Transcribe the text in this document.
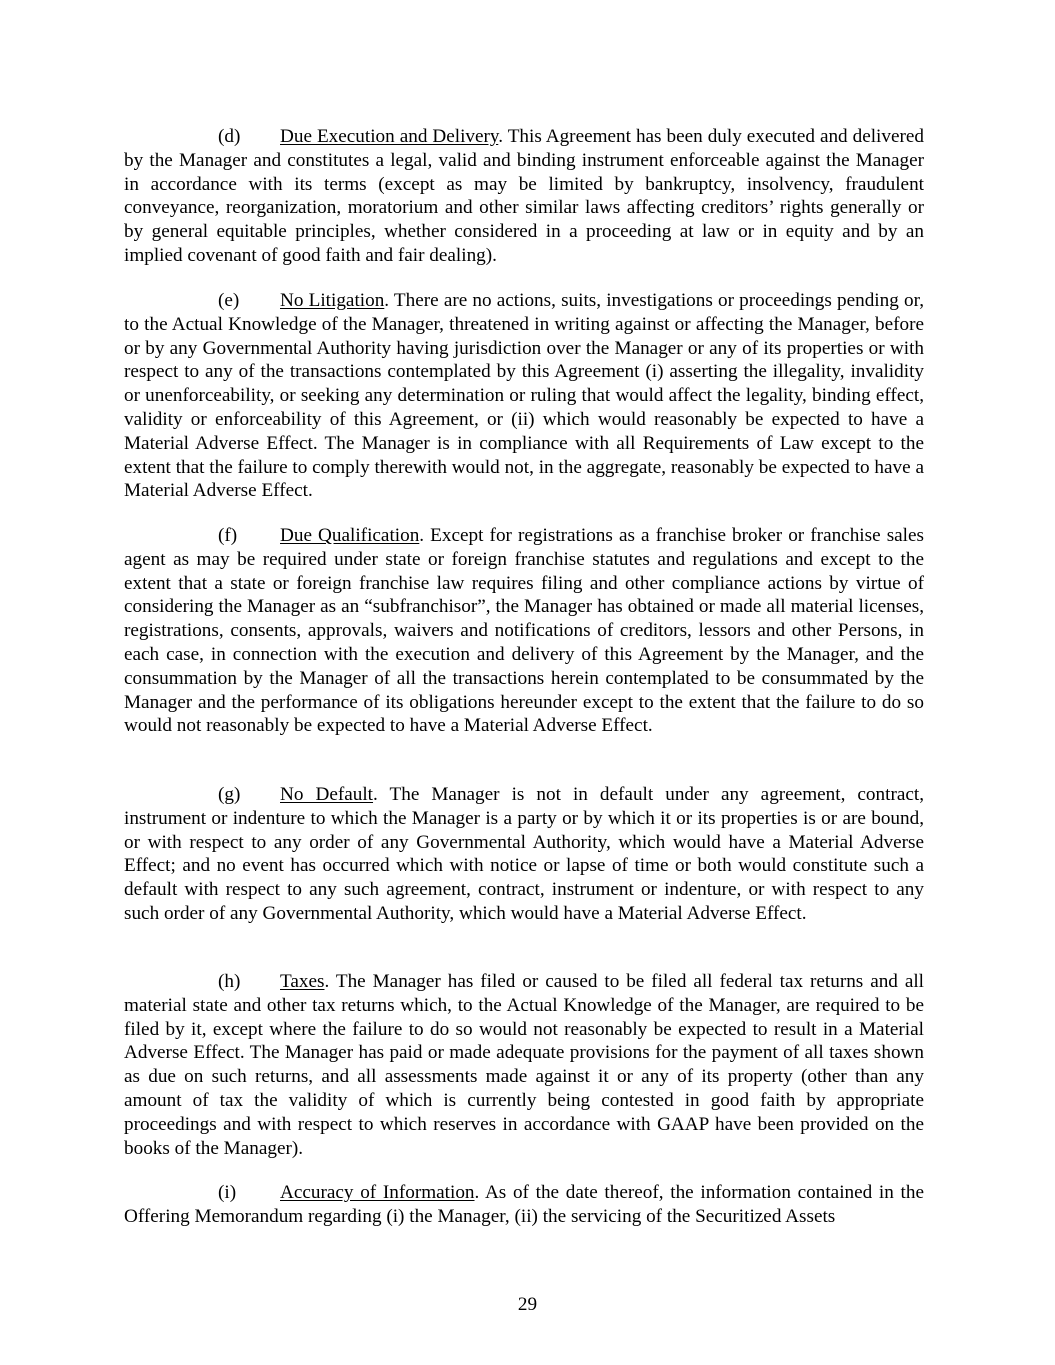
(d) Due Execution and Delivery. This Agreement has been duly executed and delivered by the Manager and constitutes a legal, valid and binding instrument enforceable against the Manager in accordance with its terms (except as may be limited by bankruptcy, insolvency, fraudulent conveyance, reorganization, moratorium and other similar laws affecting creditors’ rights generally or by general equitable principles, whether considered in a proceeding at law or in equity and by an implied covenant of good faith and fair dealing).

(e) No Litigation. There are no actions, suits, investigations or proceedings pending or, to the Actual Knowledge of the Manager, threatened in writing against or affecting the Manager, before or by any Governmental Authority having jurisdiction over the Manager or any of its properties or with respect to any of the transactions contemplated by this Agreement (i) asserting the illegality, invalidity or unenforceability, or seeking any determination or ruling that would affect the legality, binding effect, validity or enforceability of this Agreement, or (ii) which would reasonably be expected to have a Material Adverse Effect. The Manager is in compliance with all Requirements of Law except to the extent that the failure to comply therewith would not, in the aggregate, reasonably be expected to have a Material Adverse Effect.

(f) Due Qualification. Except for registrations as a franchise broker or franchise sales agent as may be required under state or foreign franchise statutes and regulations and except to the extent that a state or foreign franchise law requires filing and other compliance actions by virtue of considering the Manager as an “subfranchisor”, the Manager has obtained or made all material licenses, registrations, consents, approvals, waivers and notifications of creditors, lessors and other Persons, in each case, in connection with the execution and delivery of this Agreement by the Manager, and the consummation by the Manager of all the transactions herein contemplated to be consummated by the Manager and the performance of its obligations hereunder except to the extent that the failure to do so would not reasonably be expected to have a Material Adverse Effect.

(g) No Default. The Manager is not in default under any agreement, contract, instrument or indenture to which the Manager is a party or by which it or its properties is or are bound, or with respect to any order of any Governmental Authority, which would have a Material Adverse Effect; and no event has occurred which with notice or lapse of time or both would constitute such a default with respect to any such agreement, contract, instrument or indenture, or with respect to any such order of any Governmental Authority, which would have a Material Adverse Effect.

(h) Taxes. The Manager has filed or caused to be filed all federal tax returns and all material state and other tax returns which, to the Actual Knowledge of the Manager, are required to be filed by it, except where the failure to do so would not reasonably be expected to result in a Material Adverse Effect. The Manager has paid or made adequate provisions for the payment of all taxes shown as due on such returns, and all assessments made against it or any of its property (other than any amount of tax the validity of which is currently being contested in good faith by appropriate proceedings and with respect to which reserves in accordance with GAAP have been provided on the books of the Manager).

(i) Accuracy of Information. As of the date thereof, the information contained in the Offering Memorandum regarding (i) the Manager, (ii) the servicing of the Securitized Assets

29
